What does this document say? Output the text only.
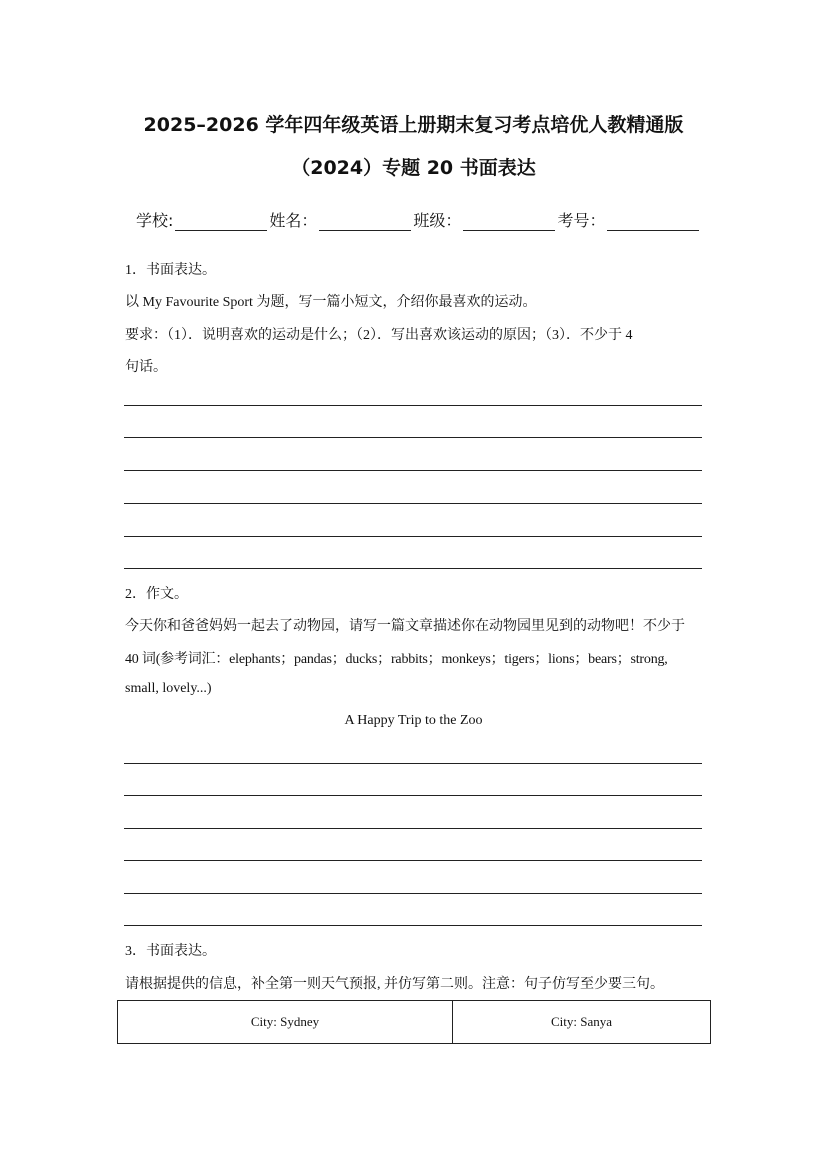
2025–2026 学年四年级英语上册期末复习考点培优人教精通版
（2024）专题 20 书面表达
学校:	姓名：	班级：	考号：
1．书面表达。
以 My Favourite Sport 为题，写一篇小短文，介绍你最喜欢的运动。
要求：（1）．说明喜欢的运动是什么；（2）．写出喜欢该运动的原因；（3）．不少于 4
句话。
2．作文。
今天你和爸爸妈妈一起去了动物园，请写一篇文章描述你在动物园里见到的动物吧！不少于
40 词(参考词汇：elephants；pandas；ducks；rabbits；monkeys；tigers；lions；bears；strong,
small, lovely...)
A Happy Trip to the Zoo
3．书面表达。
请根据提供的信息，补全第一则天气预报, 并仿写第二则。注意：句子仿写至少要三句。
City: Sydney	City: Sanya
